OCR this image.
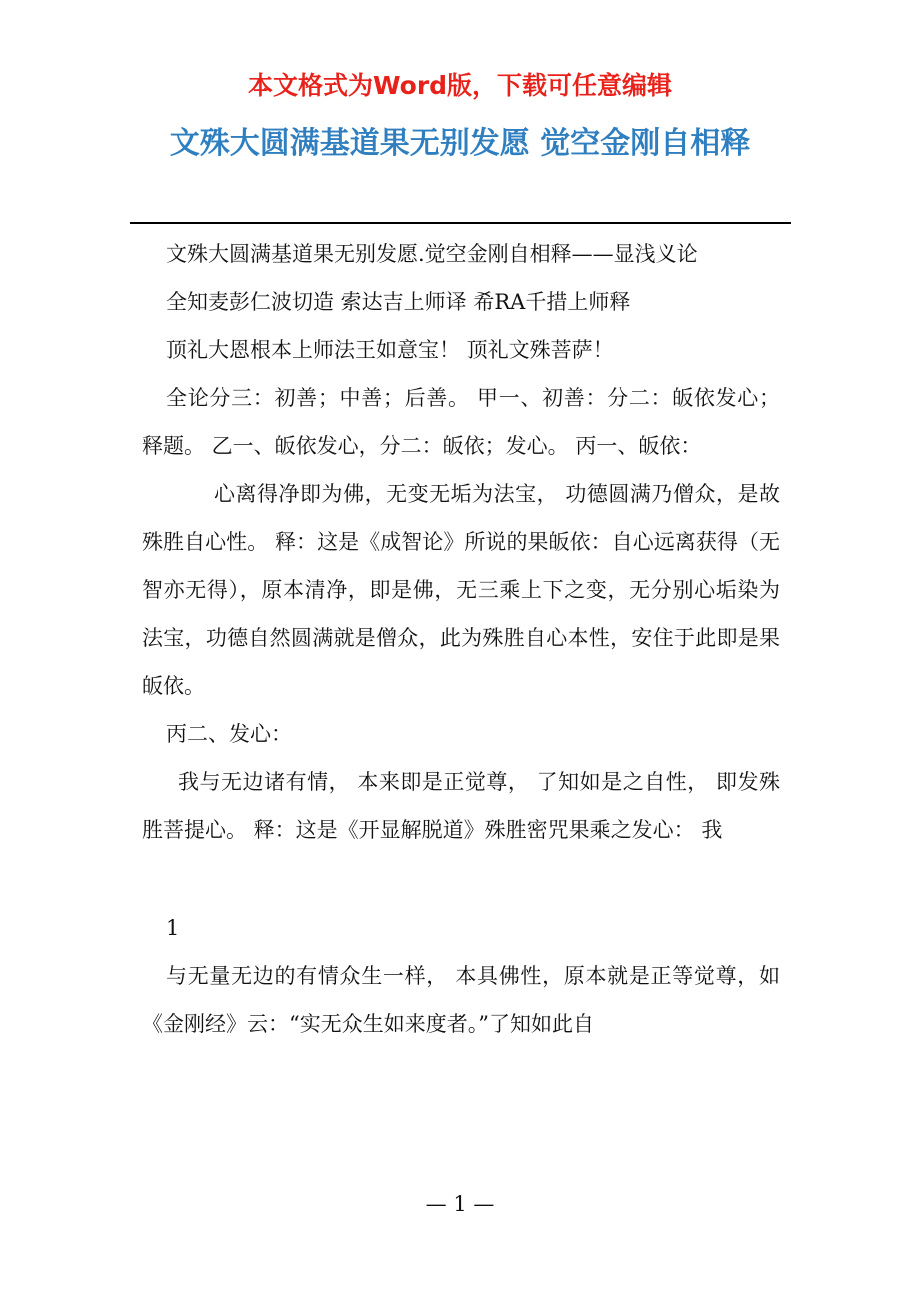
本文格式为Word版，下载可任意编辑
文殊大圆满基道果无别发愿 觉空金刚自相释

文殊大圆满基道果无别发愿.觉空金刚自相释——显浅义论

全知麦彭仁波切造 索达吉上师译 希RA千措上师释

顶礼大恩根本上师法王如意宝！ 顶礼文殊菩萨！

全论分三：初善；中善；后善。 甲一、初善：分二：皈依发心；释题。 乙一、皈依发心，分二：皈依；发心。 丙一、皈依：

心离得净即为佛，无变无垢为法宝， 功德圆满乃僧众，是故殊胜自心性。 释：这是《成智论》所说的果皈依：自心远离获得（无智亦无得），原本清净，即是佛，无三乘上下之变，无分别心垢染为法宝，功德自然圆满就是僧众，此为殊胜自心本性，安住于此即是果皈依。

丙二、发心：

我与无边诸有情， 本来即是正觉尊， 了知如是之自性， 即发殊胜菩提心。 释：这是《开显解脱道》殊胜密咒果乘之发心： 我

1

与无量无边的有情众生一样， 本具佛性，原本就是正等觉尊，如《金刚经》云：“实无众生如来度者。”了知如此自

— 1 —
